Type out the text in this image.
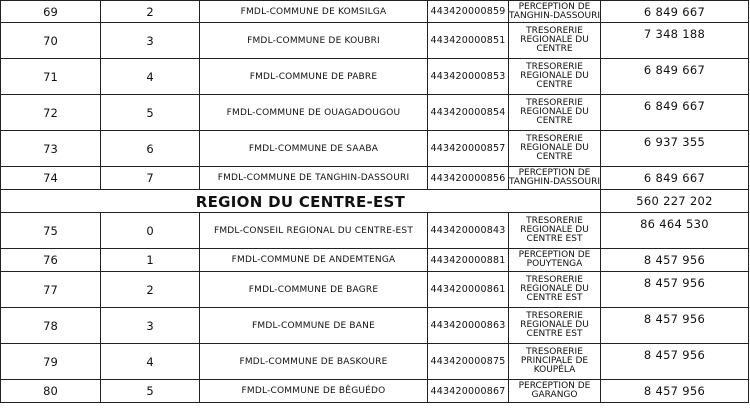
69	2	FMDL-COMMUNE DE KOMSILGA	443420000859	PERCEPTION DE
TANGHIN-DASSOURI	6 849 667
70	3	FMDL-COMMUNE DE KOUBRI	443420000851	TRESORERIE
REGIONALE DU
CENTRE	7 348 188
71	4	FMDL-COMMUNE DE PABRE	443420000853	TRESORERIE
REGIONALE DU
CENTRE	6 849 667
72	5	FMDL-COMMUNE DE OUAGADOUGOU	443420000854	TRESORERIE
REGIONALE DU
CENTRE	6 849 667
73	6	FMDL-COMMUNE DE SAABA	443420000857	TRESORERIE
REGIONALE DU
CENTRE	6 937 355
74	7	FMDL-COMMUNE DE TANGHIN-DASSOURI	443420000856	PERCEPTION DE
TANGHIN-DASSOURI	6 849 667
REGION DU CENTRE-EST					560 227 202
75	0	FMDL-CONSEIL REGIONAL DU CENTRE-EST	443420000843	TRESORERIE
REGIONALE DU
CENTRE EST	86 464 530
76	1	FMDL-COMMUNE DE ANDEMTENGA	443420000881	PERCEPTION DE
POUYTENGA	8 457 956
77	2	FMDL-COMMUNE DE BAGRE	443420000861	TRESORERIE
REGIONALE DU
CENTRE EST	8 457 956
78	3	FMDL-COMMUNE DE BANE	443420000863	TRESORERIE
REGIONALE DU
CENTRE EST	8 457 956
79	4	FMDL-COMMUNE DE BASKOURE	443420000875	TRESORERIE
PRINCIPALE DE
KOUPÉLA	8 457 956
80	5	FMDL-COMMUNE DE BÊGUÉDO	443420000867	PERCEPTION DE
GARANGO	8 457 956
